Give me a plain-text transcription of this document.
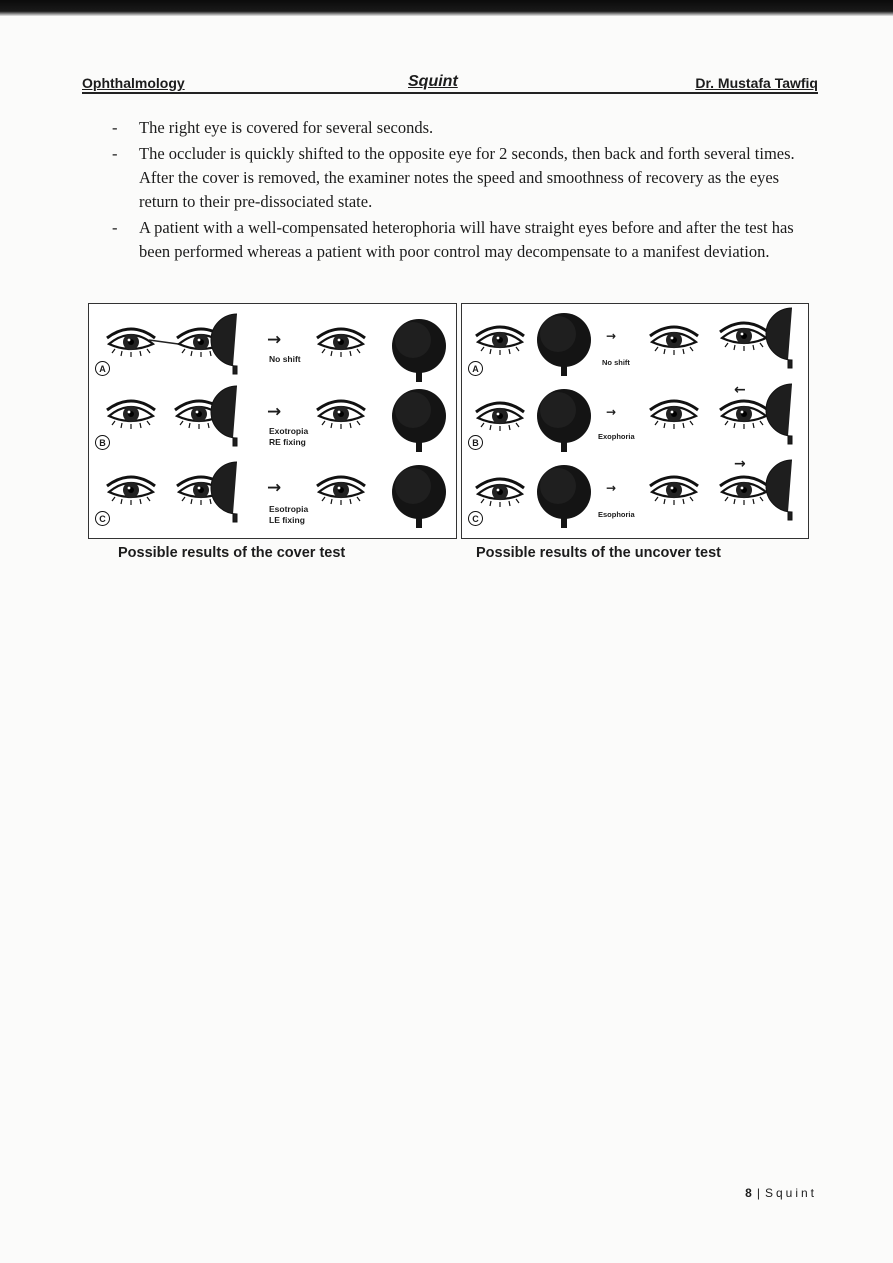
Ophthalmology	Squint	Dr. Mustafa Tawfiq
- The right eye is covered for several seconds.
- The occluder is quickly shifted to the opposite eye for 2 seconds, then back and forth several times. After the cover is removed, the examiner notes the speed and smoothness of recovery as the eyes return to their pre-dissociated state.
- A patient with a well-compensated heterophoria will have straight eyes before and after the test has been performed whereas a patient with poor control may decompensate to a manifest deviation.
→
No shift
A
→
Exotropia
RE fixing
B
→
Esotropia
LE fixing
C
→
No shift
A
→
←
Exophoria
B
→
→
Esophoria
C
Possible results of the cover test	Possible results of the uncover test
8 | Squint
